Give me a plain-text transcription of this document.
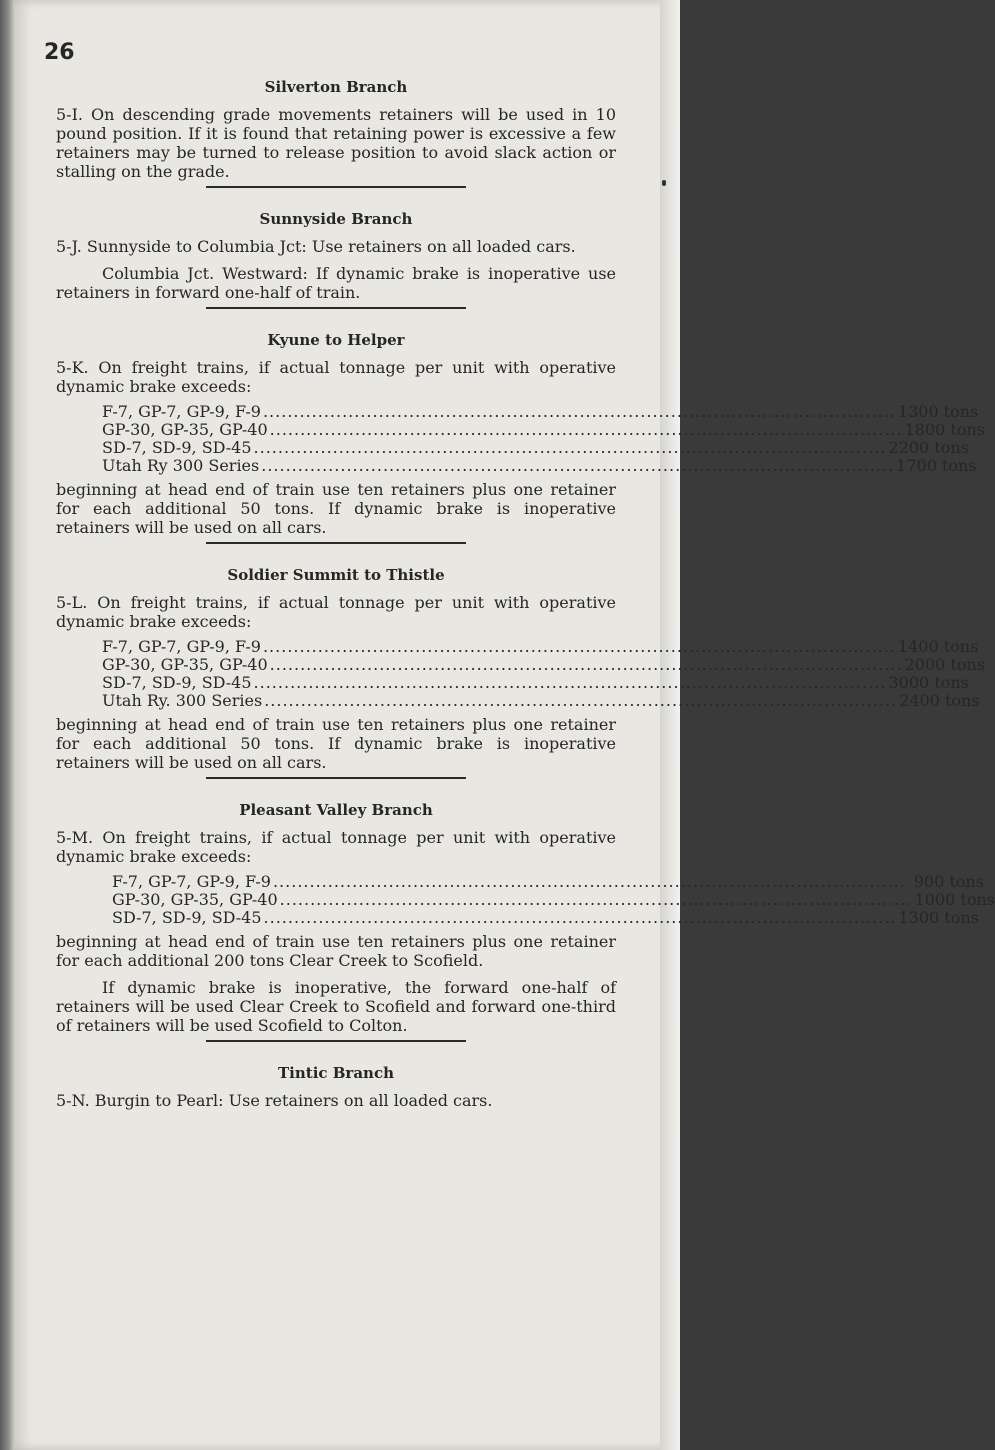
26
Silverton Branch

5-I. On descending grade movements retainers will be used in 10 pound position. If it is found that retaining power is excessive a few retainers may be turned to release position to avoid slack action or stalling on the grade.

Sunnyside Branch

5-J. Sunnyside to Columbia Jct: Use retainers on all loaded cars.

Columbia Jct. Westward: If dynamic brake is inoperative use retainers in forward one-half of train.

Kyune to Helper

5-K. On freight trains, if actual tonnage per unit with operative dynamic brake exceeds:

F-7, GP-7, GP-9, F-9 ........................................................................................................ 1300 tons
GP-30, GP-35, GP-40 ........................................................................................................ 1800 tons
SD-7, SD-9, SD-45 ........................................................................................................ 2200 tons
Utah Ry 300 Series ........................................................................................................ 1700 tons

beginning at head end of train use ten retainers plus one retainer for each additional 50 tons. If dynamic brake is inoperative retainers will be used on all cars.

Soldier Summit to Thistle

5-L. On freight trains, if actual tonnage per unit with operative dynamic brake exceeds:

F-7, GP-7, GP-9, F-9 ........................................................................................................ 1400 tons
GP-30, GP-35, GP-40 ........................................................................................................ 2000 tons
SD-7, SD-9, SD-45 ........................................................................................................ 3000 tons
Utah Ry. 300 Series ........................................................................................................ 2400 tons

beginning at head end of train use ten retainers plus one retainer for each additional 50 tons. If dynamic brake is inoperative retainers will be used on all cars.

Pleasant Valley Branch

5-M. On freight trains, if actual tonnage per unit with operative dynamic brake exceeds:

F-7, GP-7, GP-9, F-9 ........................................................................................................ 900 tons
GP-30, GP-35, GP-40 ........................................................................................................ 1000 tons
SD-7, SD-9, SD-45 ........................................................................................................ 1300 tons

beginning at head end of train use ten retainers plus one retainer for each additional 200 tons Clear Creek to Scofield.

If dynamic brake is inoperative, the forward one-half of retainers will be used Clear Creek to Scofield and forward one-third of retainers will be used Scofield to Colton.

Tintic Branch

5-N. Burgin to Pearl: Use retainers on all loaded cars.
